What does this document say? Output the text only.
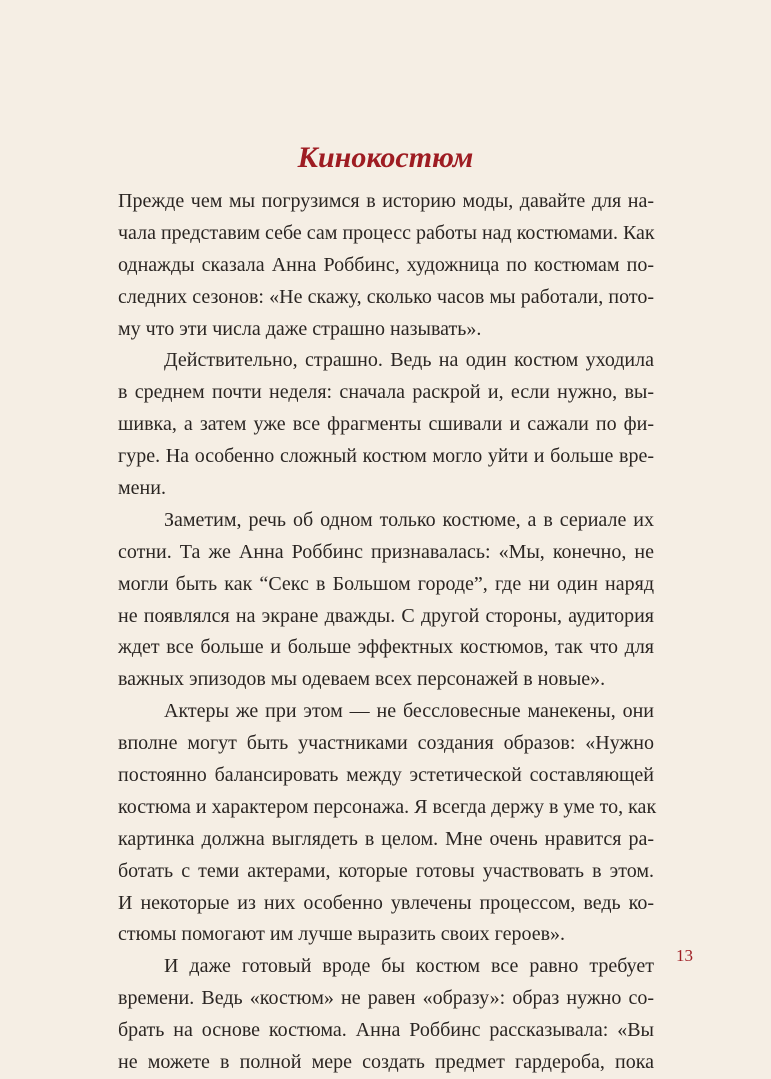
Кинокостюм
Прежде чем мы погрузимся в историю моды, давайте для на-
чала представим себе сам процесс работы над костюмами. Как
однажды сказала Анна Роббинс, художница по костюмам по-
следних сезонов: «Не скажу, сколько часов мы работали, пото-
му что эти числа даже страшно называть».
Действительно, страшно. Ведь на один костюм уходила
в среднем почти неделя: сначала раскрой и, если нужно, вы-
шивка, а затем уже все фрагменты сшивали и сажали по фи-
гуре. На особенно сложный костюм могло уйти и больше вре-
мени.
Заметим, речь об одном только костюме, а в сериале их
сотни. Та же Анна Роббинс признавалась: «Мы, конечно, не
могли быть как “Секс в Большом городе”, где ни один наряд
не появлялся на экране дважды. С другой стороны, аудитория
ждет все больше и больше эффектных костюмов, так что для
важных эпизодов мы одеваем всех персонажей в новые».
Актеры же при этом — не бессловесные манекены, они
вполне могут быть участниками создания образов: «Нужно
постоянно балансировать между эстетической составляющей
костюма и характером персонажа. Я всегда держу в уме то, как
картинка должна выглядеть в целом. Мне очень нравится ра-
ботать с теми актерами, которые готовы участвовать в этом.
И некоторые из них особенно увлечены процессом, ведь ко-
стюмы помогают им лучше выразить своих героев».
И даже готовый вроде бы костюм все равно требует
времени. Ведь «костюм» не равен «образу»: образ нужно со-
брать на основе костюма. Анна Роббинс рассказывала: «Вы
не можете в полной мере создать предмет гардероба, пока
13
